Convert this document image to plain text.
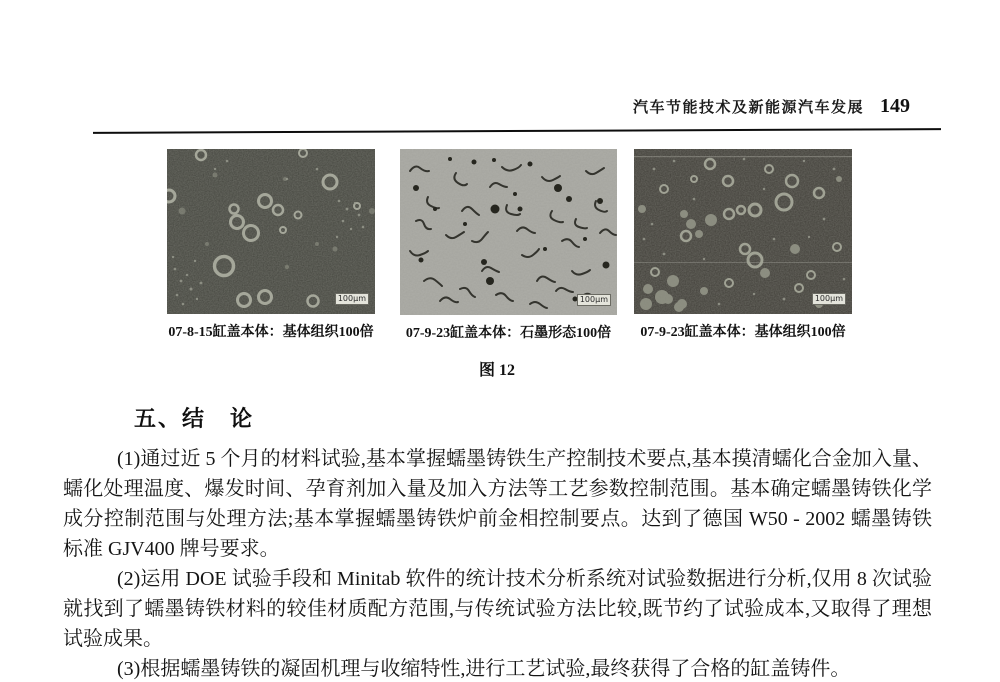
汽车节能技术及新能源汽车发展 149
100μm
07-8-15缸盖本体：基体组织100倍
100μm
07-9-23缸盖本体：石墨形态100倍
100μm
07-9-23缸盖本体：基体组织100倍
图 12
五、结　论

(1)通过近 5 个月的材料试验,基本掌握蠕墨铸铁生产控制技术要点,基本摸清蠕化合金加入量、蠕化处理温度、爆发时间、孕育剂加入量及加入方法等工艺参数控制范围。基本确定蠕墨铸铁化学成分控制范围与处理方法;基本掌握蠕墨铸铁炉前金相控制要点。达到了德国 W50 - 2002 蠕墨铸铁标准 GJV400 牌号要求。

(2)运用 DOE 试验手段和 Minitab 软件的统计技术分析系统对试验数据进行分析,仅用 8 次试验就找到了蠕墨铸铁材料的较佳材质配方范围,与传统试验方法比较,既节约了试验成本,又取得了理想试验成果。

(3)根据蠕墨铸铁的凝固机理与收缩特性,进行工艺试验,最终获得了合格的缸盖铸件。
